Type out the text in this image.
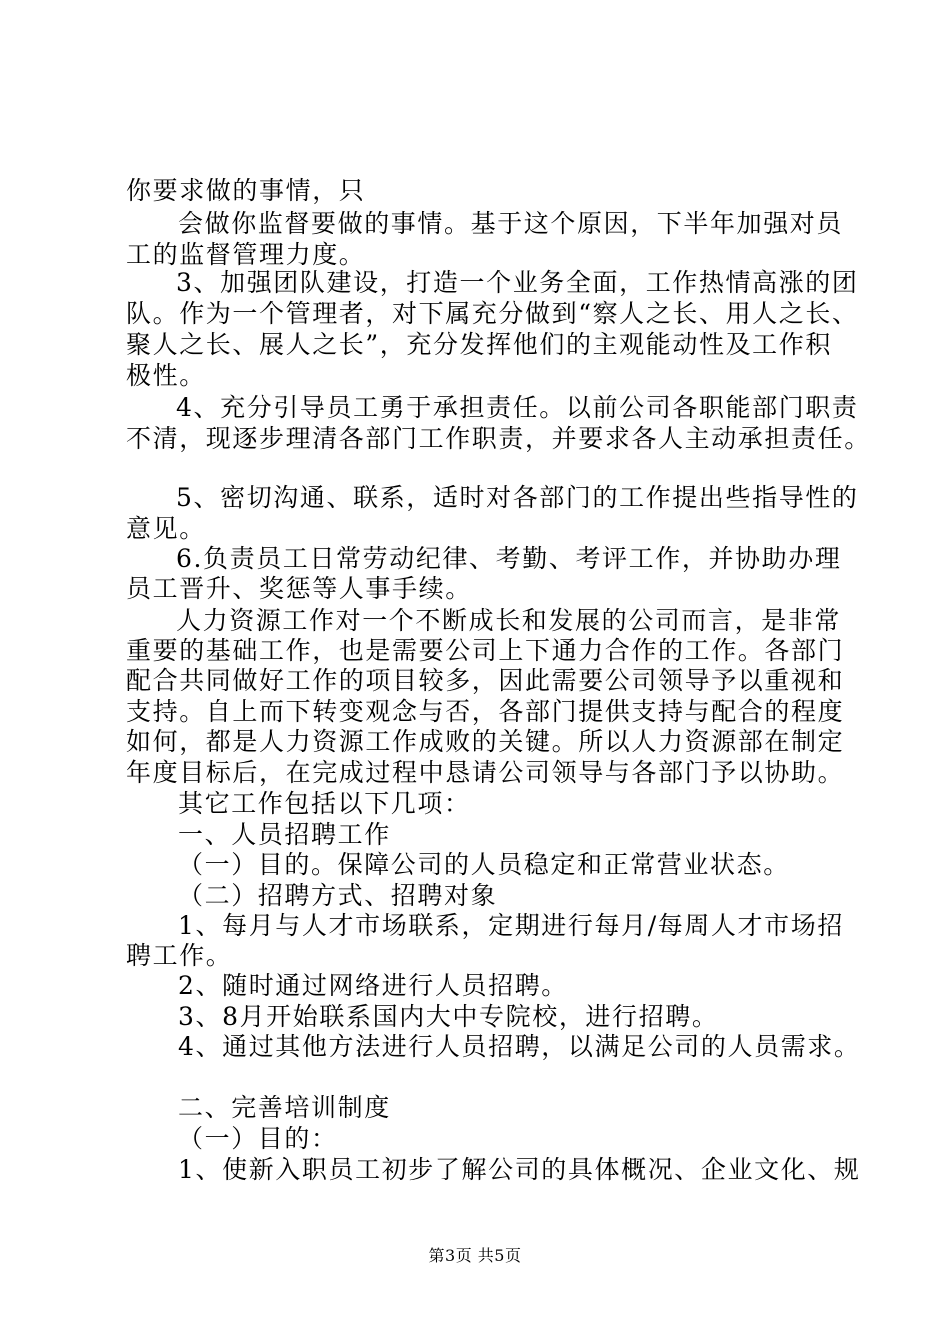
你要求做的事情，只
会做你监督要做的事情。基于这个原因，下半年加强对员
工的监督管理力度。
3、加强团队建设，打造一个业务全面，工作热情高涨的团
队。作为一个管理者，对下属充分做到“察人之长、用人之长、
聚人之长、展人之长”，充分发挥他们的主观能动性及工作积
极性。
4、充分引导员工勇于承担责任。以前公司各职能部门职责
不清，现逐步理清各部门工作职责，并要求各人主动承担责任。
5、密切沟通、联系，适时对各部门的工作提出些指导性的
意见。
6.负责员工日常劳动纪律、考勤、考评工作，并协助办理
员工晋升、奖惩等人事手续。
人力资源工作对一个不断成长和发展的公司而言，是非常
重要的基础工作，也是需要公司上下通力合作的工作。各部门
配合共同做好工作的项目较多，因此需要公司领导予以重视和
支持。自上而下转变观念与否，各部门提供支持与配合的程度
如何，都是人力资源工作成败的关键。所以人力资源部在制定
年度目标后，在完成过程中恳请公司领导与各部门予以协助。
其它工作包括以下几项：
一、人员招聘工作
（一）目的。保障公司的人员稳定和正常营业状态。
（二）招聘方式、招聘对象
1、每月与人才市场联系，定期进行每月/每周人才市场招
聘工作。
2、随时通过网络进行人员招聘。
3、8月开始联系国内大中专院校，进行招聘。
4、通过其他方法进行人员招聘，以满足公司的人员需求。
二、完善培训制度
（一）目的：
1、使新入职员工初步了解公司的具体概况、企业文化、规
第3页 共5页
